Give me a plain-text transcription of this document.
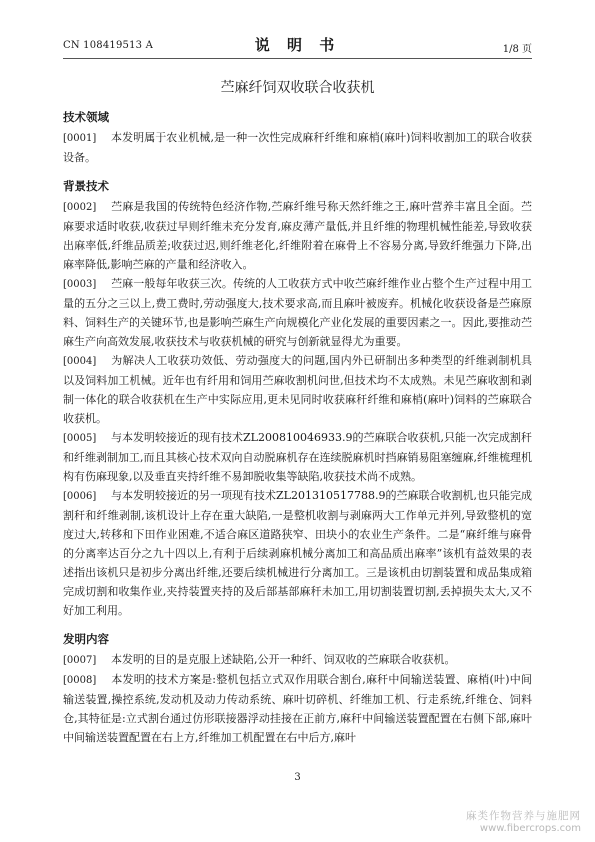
CN 108419513 A	说 明 书	1/8 页
苎麻纤饲双收联合收获机
技术领域

[0001] 本发明属于农业机械,是一种一次性完成麻秆纤维和麻梢(麻叶)饲料收割加工的联合收获设备。

背景技术

[0002] 苎麻是我国的传统特色经济作物,苎麻纤维号称天然纤维之王,麻叶营养丰富且全面。苎麻要求适时收获,收获过早则纤维未充分发育,麻皮薄产量低,并且纤维的物理机械性能差,导致收获出麻率低,纤维品质差;收获过迟,则纤维老化,纤维附着在麻骨上不容易分离,导致纤维强力下降,出麻率降低,影响苎麻的产量和经济收入。

[0003] 苎麻一般每年收获三次。传统的人工收获方式中收苎麻纤维作业占整个生产过程中用工量的五分之三以上,费工费时,劳动强度大,技术要求高,而且麻叶被废弃。机械化收获设备是苎麻原料、饲料生产的关键环节,也是影响苎麻生产向规模化产业化发展的重要因素之一。因此,要推动苎麻生产向高效发展,收获技术与收获机械的研究与创新就显得尤为重要。

[0004] 为解决人工收获功效低、劳动强度大的问题,国内外已研制出多种类型的纤维剥制机具以及饲料加工机械。近年也有纤用和饲用苎麻收割机问世,但技术均不太成熟。未见苎麻收割和剥制一体化的联合收获机在生产中实际应用,更未见同时收获麻秆纤维和麻梢(麻叶)饲料的苎麻联合收获机。

[0005] 与本发明较接近的现有技术ZL200810046933.9的苎麻联合收获机,只能一次完成割秆和纤维剥制加工,而且其核心技术双向自动脱麻机存在连续脱麻机时挡麻销易阻塞缠麻,纤维梳理机构有伤麻现象,以及垂直夹持纤维不易卸脱收集等缺陷,收获技术尚不成熟。

[0006] 与本发明较接近的另一项现有技术ZL201310517788.9的苎麻联合收割机,也只能完成割秆和纤维剥制,该机设计上存在重大缺陷,一是整机收割与剥麻两大工作单元并列,导致整机的宽度过大,转移和下田作业困难,不适合麻区道路狭窄、田块小的农业生产条件。二是“麻纤维与麻骨的分离率达百分之九十四以上,有利于后续剥麻机械分离加工和高品质出麻率”该机有益效果的表述指出该机只是初步分离出纤维,还要后续机械进行分离加工。三是该机由切割装置和成品集成箱完成切割和收集作业,夹持装置夹持的及后部基部麻秆未加工,用切割装置切割,丢掉损失太大,又不好加工利用。

发明内容

[0007] 本发明的目的是克服上述缺陷,公开一种纤、饲双收的苎麻联合收获机。

[0008] 本发明的技术方案是:整机包括立式双作用联合割台,麻秆中间输送装置、麻梢(叶)中间输送装置,操控系统,发动机及动力传动系统、麻叶切碎机、纤维加工机、行走系统,纤维仓、饲料仓,其特征是:立式割台通过仿形联接器浮动挂接在正前方,麻秆中间输送装置配置在右侧下部,麻叶中间输送装置配置在右上方,纤维加工机配置在右中后方,麻叶

3
麻类作物营养与施肥网
www.fibercrops.com
